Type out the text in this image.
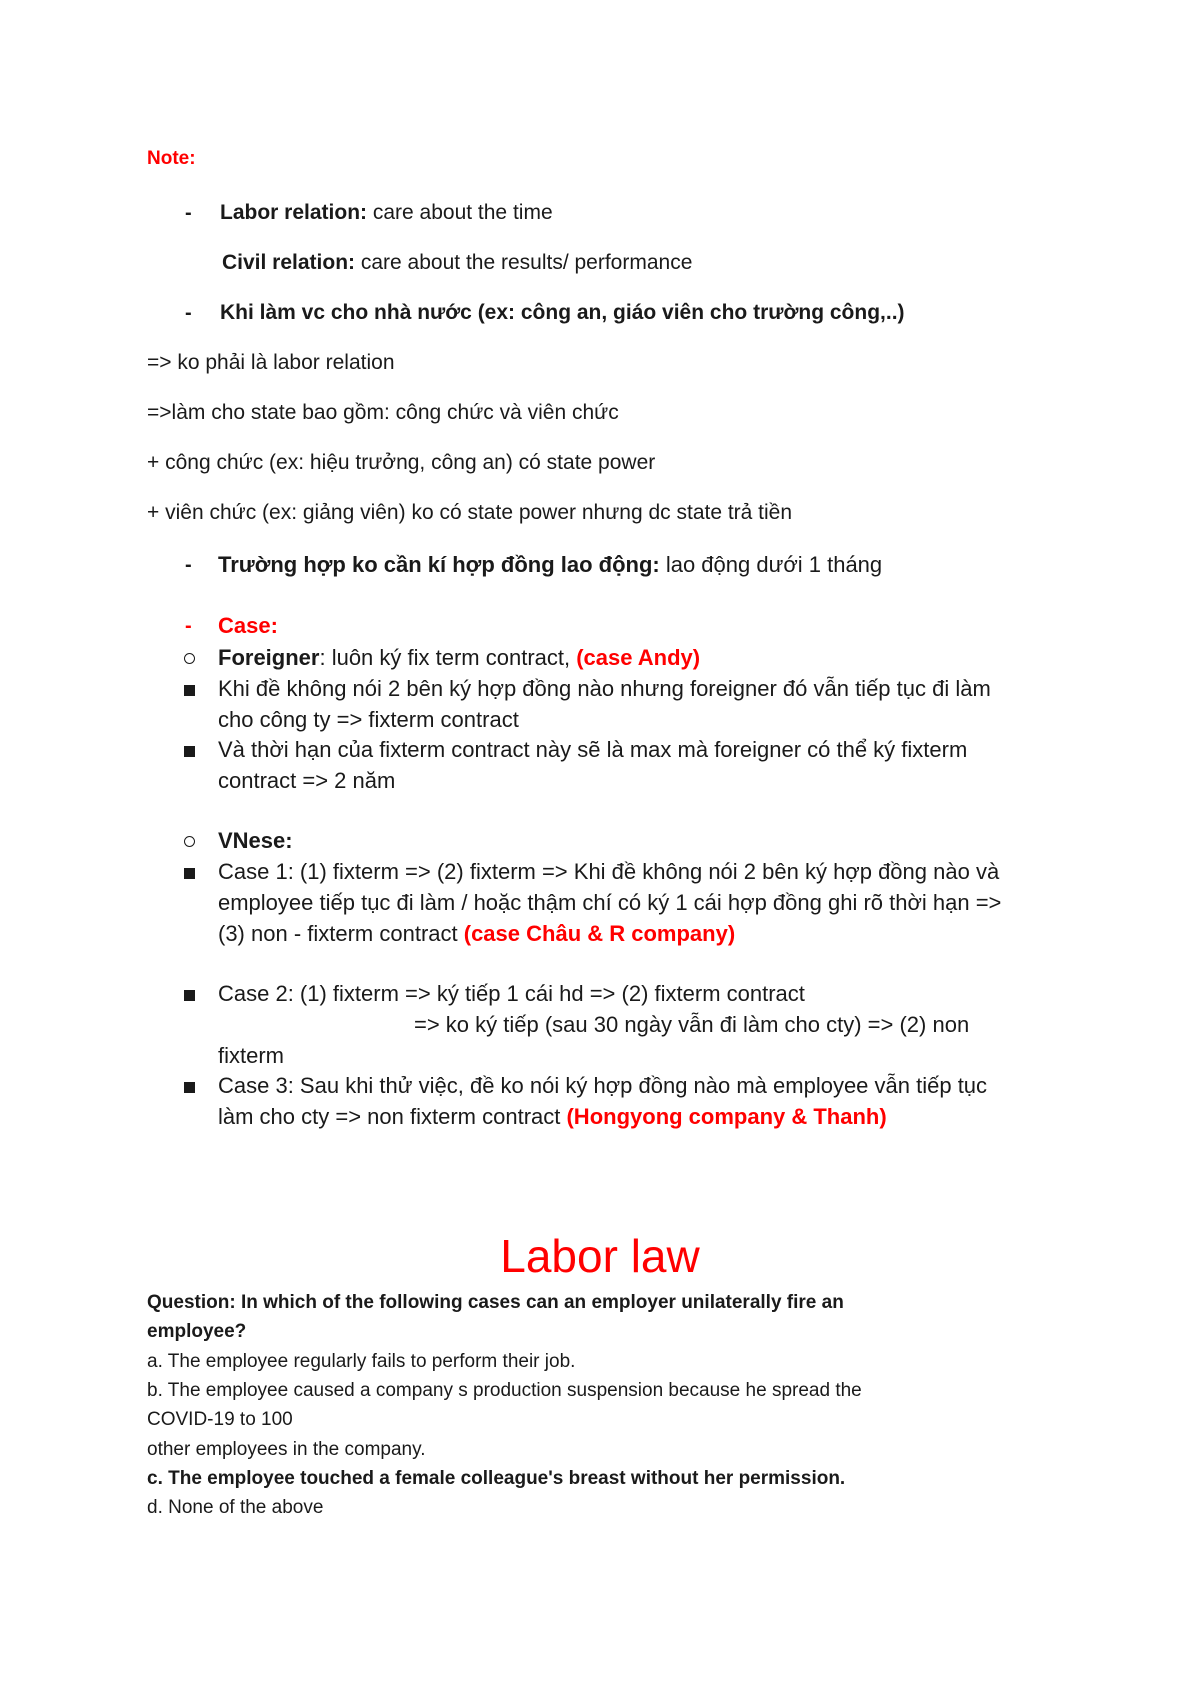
Note:
- Labor relation: care about the time
Civil relation: care about the results/ performance
- Khi làm vc cho nhà nước (ex: công an, giáo viên cho trường công,..)
=> ko phải là labor relation
=>làm cho state bao gồm: công chức và viên chức
+ công chức (ex: hiệu trưởng, công an) có state power
+ viên chức (ex: giảng viên) ko có state power nhưng dc state trả tiền
- Trường hợp ko cần kí hợp đồng lao động: lao động dưới 1 tháng
- Case:
Foreigner: luôn ký fix term contract, (case Andy)
Khi đề không nói 2 bên ký hợp đồng nào nhưng foreigner đó vẫn tiếp tục đi làm
cho công ty => fixterm contract
Và thời hạn của fixterm contract này sẽ là max mà foreigner có thể ký fixterm
contract => 2 năm
VNese:
Case 1: (1) fixterm => (2) fixterm => Khi đề không nói 2 bên ký hợp đồng nào và
employee tiếp tục đi làm / hoặc thậm chí có ký 1 cái hợp đồng ghi rõ thời hạn =>
(3) non - fixterm contract (case Châu & R company)
Case 2: (1) fixterm => ký tiếp 1 cái hd => (2) fixterm contract
=> ko ký tiếp (sau 30 ngày vẫn đi làm cho cty) => (2) non
fixterm
Case 3: Sau khi thử việc, đề ko nói ký hợp đồng nào mà employee vẫn tiếp tục
làm cho cty => non fixterm contract (Hongyong company & Thanh)
Labor law
Question: In which of the following cases can an employer unilaterally fire an
employee?
a. The employee regularly fails to perform their job.
b. The employee caused a company s production suspension because he spread the
COVID-19 to 100
other employees in the company.
c. The employee touched a female colleague's breast without her permission.
d. None of the above
